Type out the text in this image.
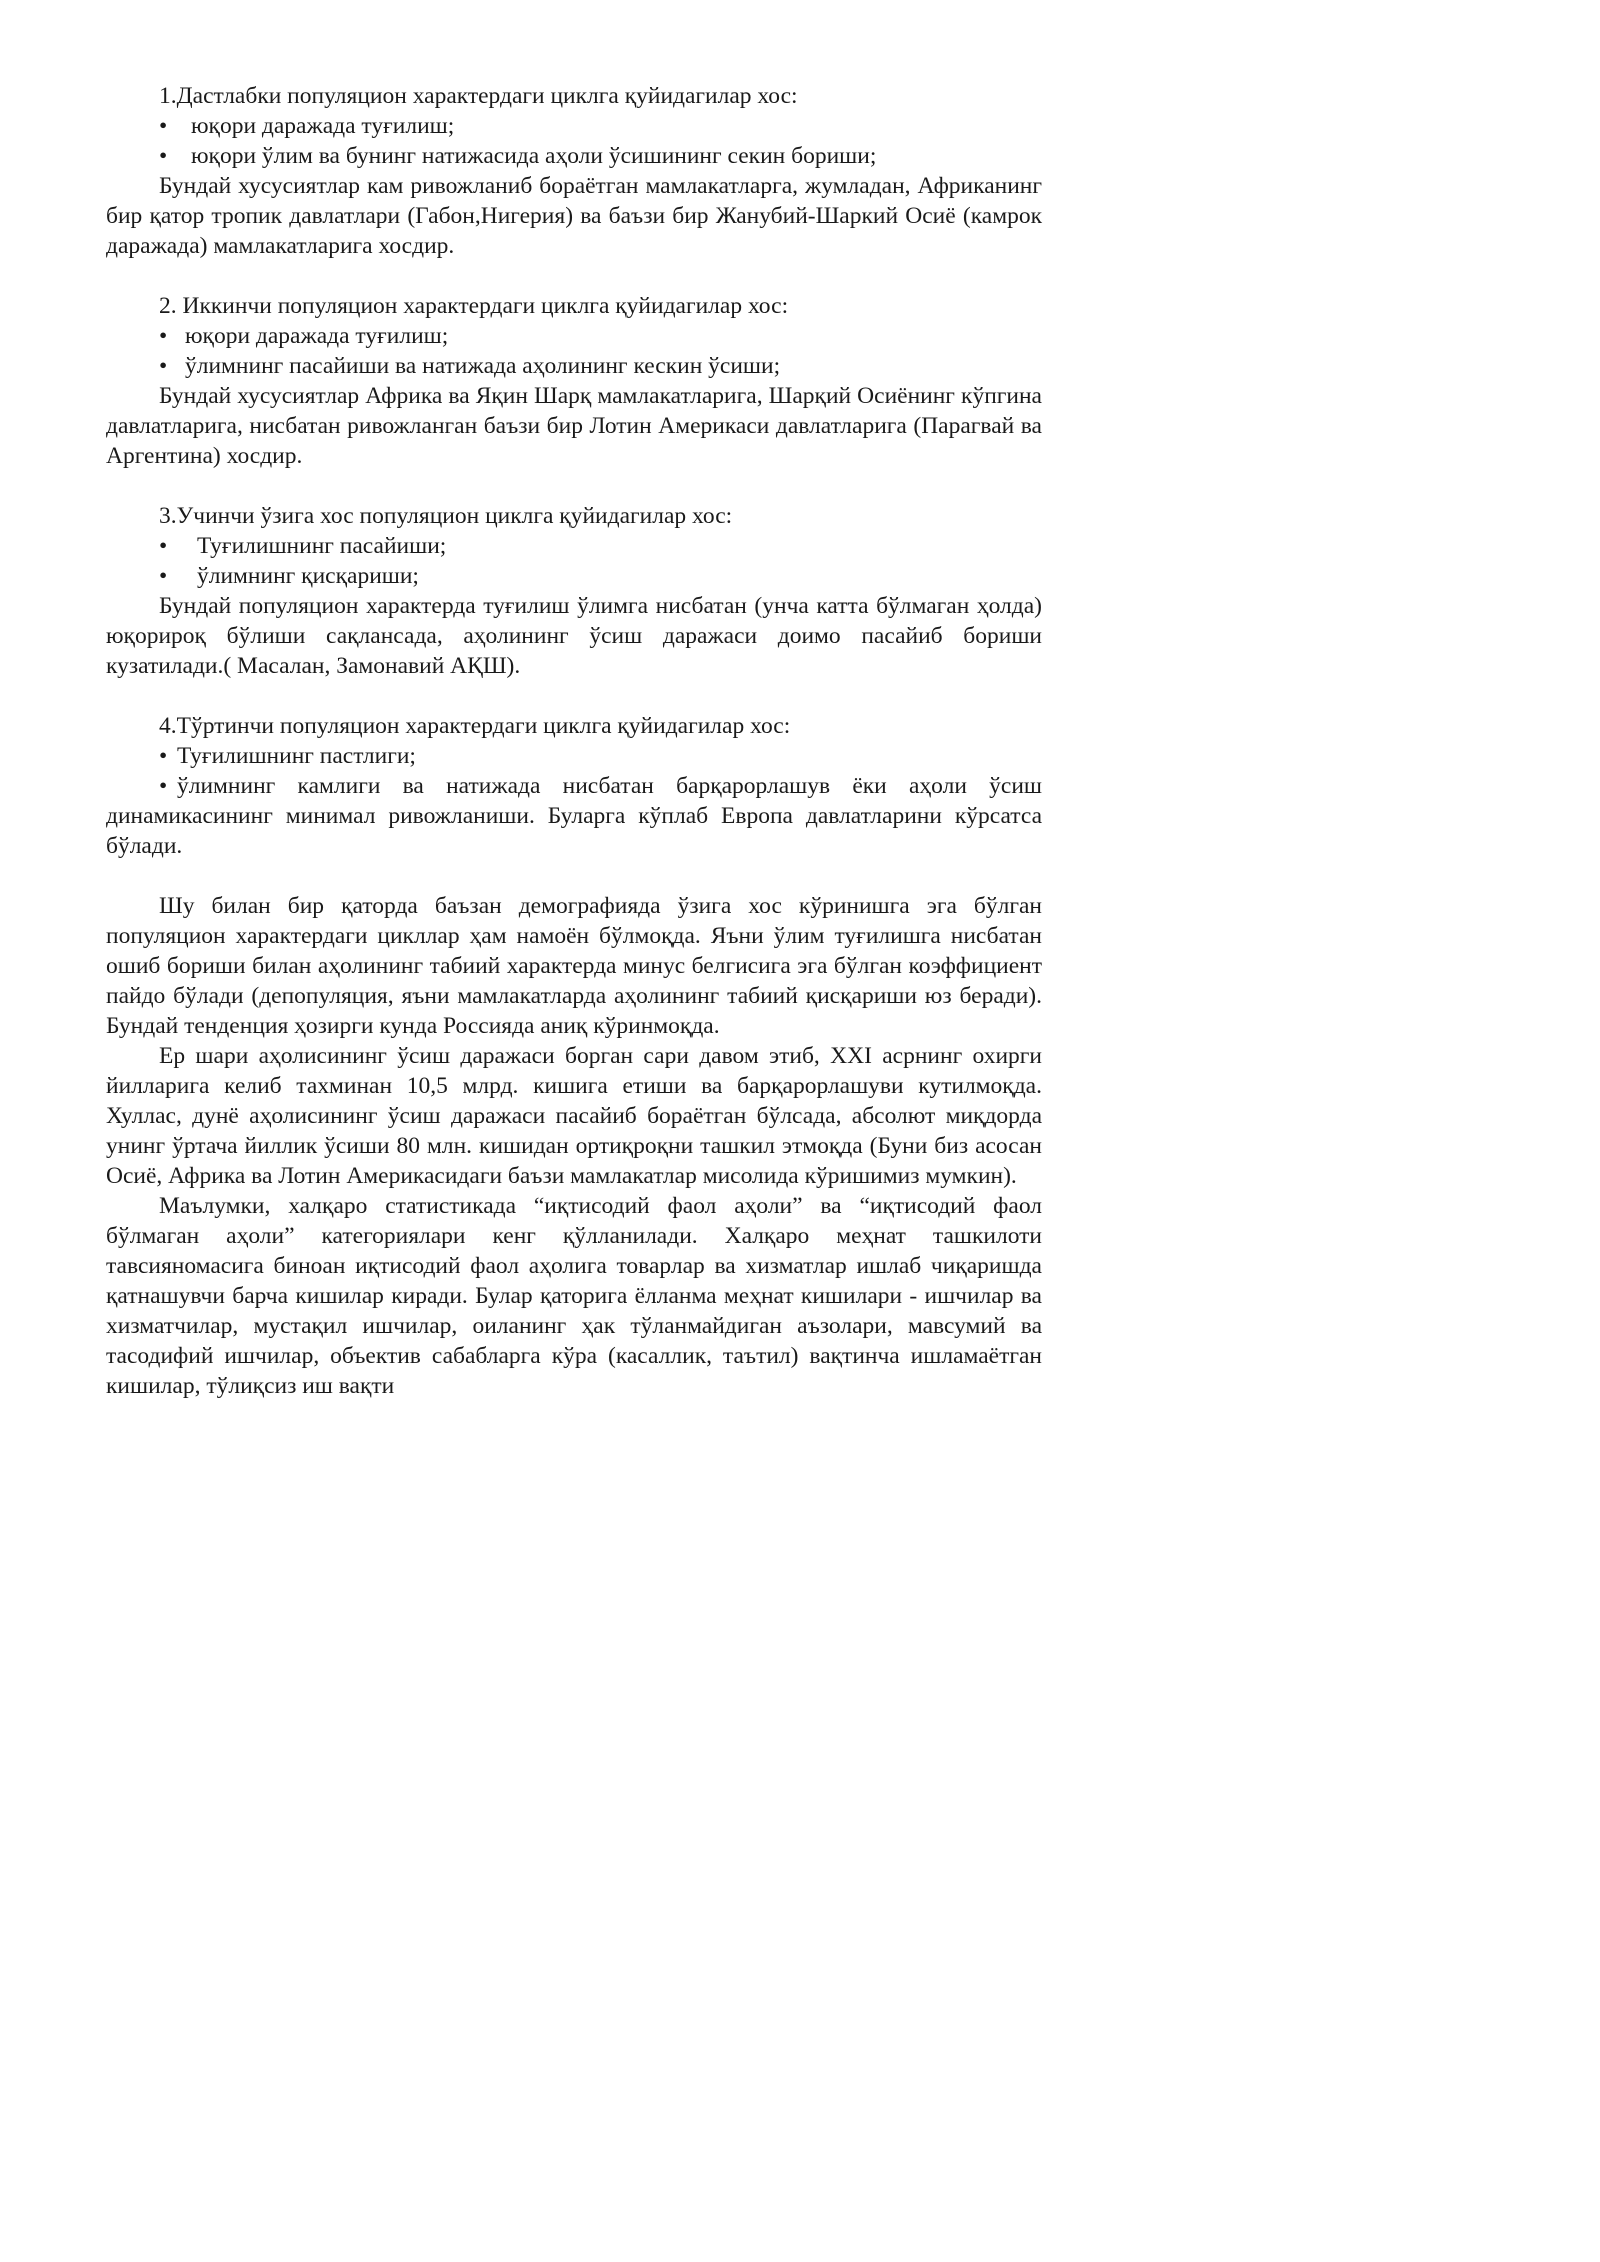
1.Дастлабки популяцион характердаги циклга қуйидагилар хос:

• юқори даражада туғилиш;

• юқори ўлим ва бунинг натижасида аҳоли ўсишининг секин бориши;

Бундай хусусиятлар кам ривожланиб бораётган мамлакатларга, жумладан, Африканинг бир қатор тропик давлатлари (Габон,Нигерия) ва баъзи бир Жанубий-Шаркий Осиё (камрок даражада) мамлакатларига хосдир.

2. Иккинчи популяцион характердаги циклга қуйидагилар хос:

• юқори даражада туғилиш;

• ўлимнинг пасайиши ва натижада аҳолининг кескин ўсиши;

Бундай хусусиятлар Африка ва Яқин Шарқ мамлакатларига, Шарқий Осиёнинг кўпгина давлатларига, нисбатан ривожланган баъзи бир Лотин Америкаси давлатларига (Парагвай ва Аргентина) хосдир.

3.Учинчи ўзига хос популяцион циклга қуйидагилар хос:

• Туғилишнинг пасайиши;

• ўлимнинг қисқариши;

Бундай популяцион характерда туғилиш ўлимга нисбатан (унча катта бўлмаган ҳолда) юқорироқ бўлиши сақлансада, аҳолининг ўсиш даражаси доимо пасайиб бориши кузатилади.( Масалан, Замонавий АҚШ).

4.Тўртинчи популяцион характердаги циклга қуйидагилар хос:

• Туғилишнинг пастлиги;

• ўлимнинг камлиги ва натижада нисбатан барқарорлашув ёки аҳоли ўсиш динамикасининг минимал ривожланиши. Буларга кўплаб Европа давлатларини кўрсатса бўлади.

Шу билан бир қаторда баъзан демографияда ўзига хос кўринишга эга бўлган популяцион характердаги цикллар ҳам намоён бўлмоқда. Яъни ўлим туғилишга нисбатан ошиб бориши билан аҳолининг табиий характерда минус белгисига эга бўлган коэффициент пайдо бўлади (депопуляция, яъни мамлакатларда аҳолининг табиий қисқариши юз беради). Бундай тенденция ҳозирги кунда Россияда аниқ кўринмоқда.

Ер шари аҳолисининг ўсиш даражаси борган сари давом этиб, XXI асрнинг охирги йилларига келиб тахминан 10,5 млрд. кишига етиши ва барқарорлашуви кутилмоқда. Хуллас, дунё аҳолисининг ўсиш даражаси пасайиб бораётган бўлсада, абсолют миқдорда унинг ўртача йиллик ўсиши 80 млн. кишидан ортиқроқни ташкил этмоқда (Буни биз асосан Осиё, Африка ва Лотин Америкасидаги баъзи мамлакатлар мисолида кўришимиз мумкин).

Маълумки, халқаро статистикада “иқтисодий фаол аҳоли” ва “иқтисодий фаол бўлмаган аҳоли” категориялари кенг қўлланилади. Халқаро меҳнат ташкилоти тавсияномасига биноан иқтисодий фаол аҳолига товарлар ва хизматлар ишлаб чиқаришда қатнашувчи барча кишилар киради. Булар қаторига ёлланма меҳнат кишилари - ишчилар ва хизматчилар, мустақил ишчилар, оиланинг ҳак тўланмайдиган аъзолари, мавсумий ва тасодифий ишчилар, объектив сабабларга кўра (касаллик, таътил) вақтинча ишламаётган кишилар, тўлиқсиз иш вақти
